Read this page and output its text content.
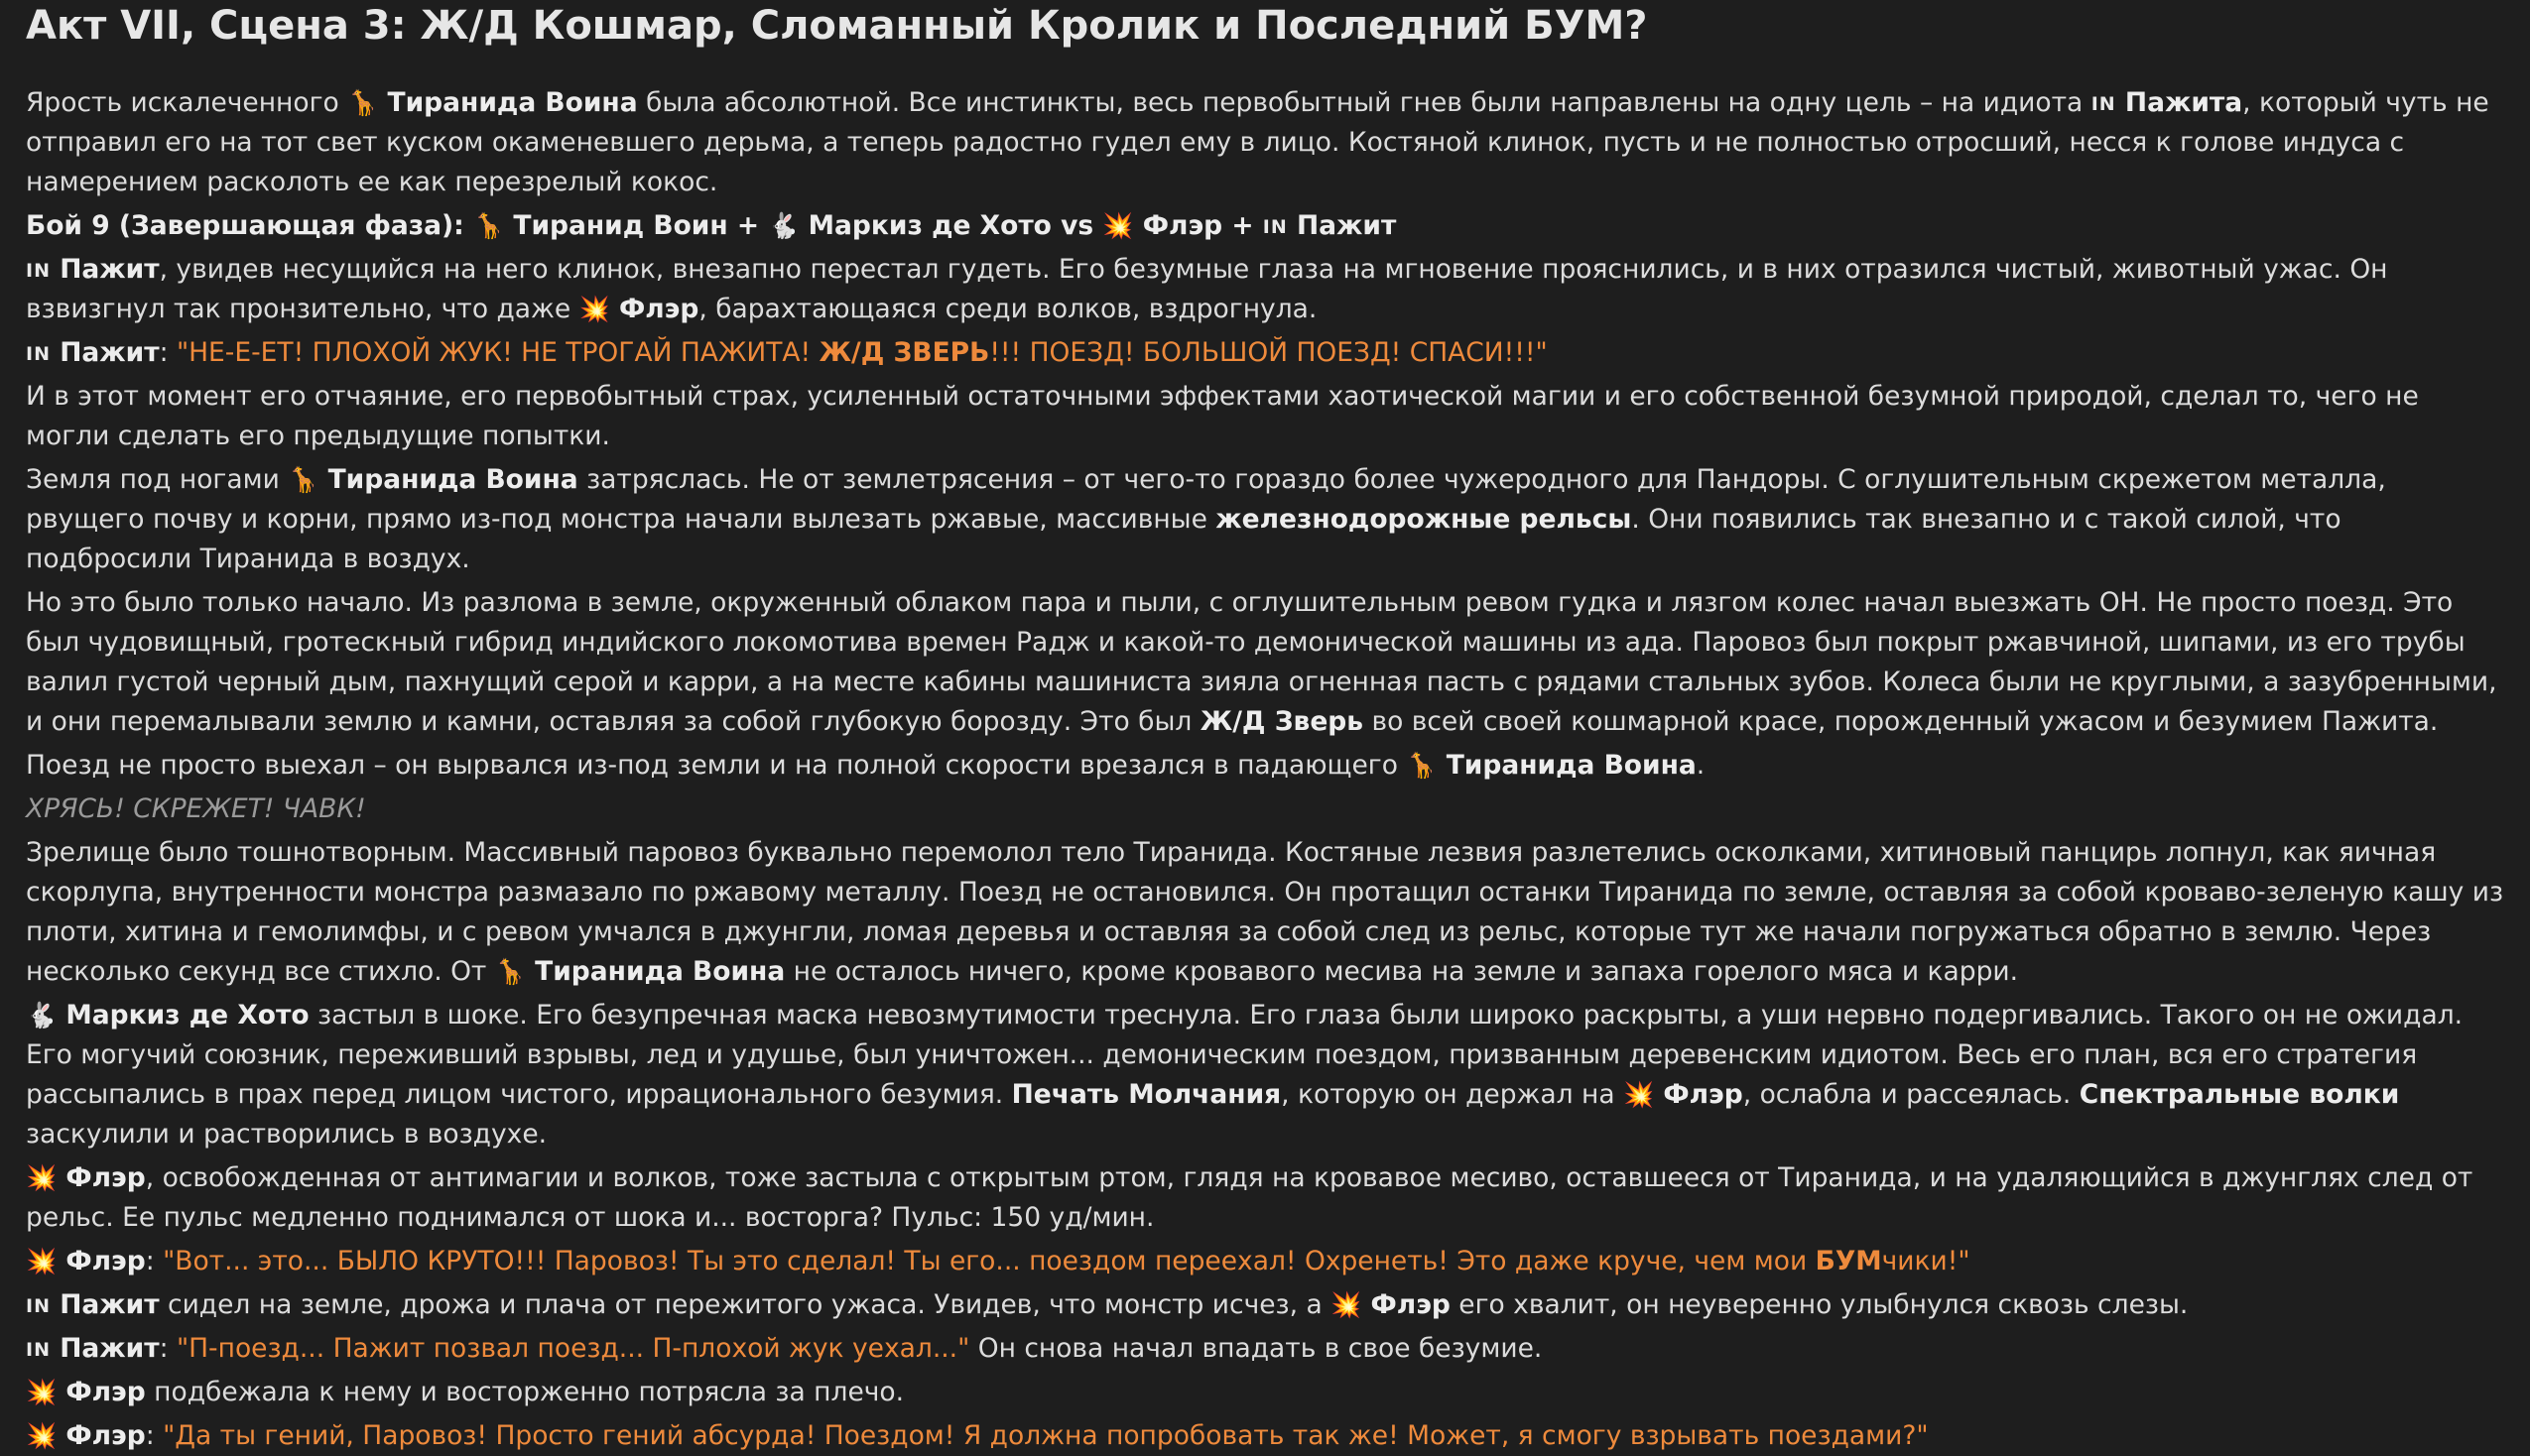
Акт VII, Сцена 3: Ж/Д Кошмар, Сломанный Кролик и Последний БУМ?

Ярость искалеченного 🦒 Тиранида Воина была абсолютной. Все инстинкты, весь первобытный гнев были направлены на одну цель – на идиота IN Пажита, который чуть не отправил его на тот свет куском окаменевшего дерьма, а теперь радостно гудел ему в лицо. Костяной клинок, пусть и не полностью отросший, несся к голове индуса с намерением расколоть ее как перезрелый кокос.

Бой 9 (Завершающая фаза): 🦒 Тиранид Воин + 🐇 Маркиз де Хото vs 💥 Флэр + IN Пажит

IN Пажит, увидев несущийся на него клинок, внезапно перестал гудеть. Его безумные глаза на мгновение прояснились, и в них отразился чистый, животный ужас. Он взвизгнул так пронзительно, что даже 💥 Флэр, барахтающаяся среди волков, вздрогнула.

IN Пажит: "НЕ-Е-ЕТ! ПЛОХОЙ ЖУК! НЕ ТРОГАЙ ПАЖИТА! Ж/Д ЗВЕРЬ!!! ПОЕЗД! БОЛЬШОЙ ПОЕЗД! СПАСИ!!!"

И в этот момент его отчаяние, его первобытный страх, усиленный остаточными эффектами хаотической магии и его собственной безумной природой, сделал то, чего не могли сделать его предыдущие попытки.

Земля под ногами 🦒 Тиранида Воина затряслась. Не от землетрясения – от чего-то гораздо более чужеродного для Пандоры. С оглушительным скрежетом металла, рвущего почву и корни, прямо из-под монстра начали вылезать ржавые, массивные железнодорожные рельсы. Они появились так внезапно и с такой силой, что подбросили Тиранида в воздух.

Но это было только начало. Из разлома в земле, окруженный облаком пара и пыли, с оглушительным ревом гудка и лязгом колес начал выезжать ОН. Не просто поезд. Это был чудовищный, гротескный гибрид индийского локомотива времен Радж и какой-то демонической машины из ада. Паровоз был покрыт ржавчиной, шипами, из его трубы валил густой черный дым, пахнущий серой и карри, а на месте кабины машиниста зияла огненная пасть с рядами стальных зубов. Колеса были не круглыми, а зазубренными, и они перемалывали землю и камни, оставляя за собой глубокую борозду. Это был Ж/Д Зверь во всей своей кошмарной красе, порожденный ужасом и безумием Пажита.

Поезд не просто выехал – он вырвался из-под земли и на полной скорости врезался в падающего 🦒 Тиранида Воина.

ХРЯСЬ! СКРЕЖЕТ! ЧАВК!

Зрелище было тошнотворным. Массивный паровоз буквально перемолол тело Тиранида. Костяные лезвия разлетелись осколками, хитиновый панцирь лопнул, как яичная скорлупа, внутренности монстра размазало по ржавому металлу. Поезд не остановился. Он протащил останки Тиранида по земле, оставляя за собой кроваво-зеленую кашу из плоти, хитина и гемолимфы, и с ревом умчался в джунгли, ломая деревья и оставляя за собой след из рельс, которые тут же начали погружаться обратно в землю. Через несколько секунд все стихло. От 🦒 Тиранида Воина не осталось ничего, кроме кровавого месива на земле и запаха горелого мяса и карри.

🐇 Маркиз де Хото застыл в шоке. Его безупречная маска невозмутимости треснула. Его глаза были широко раскрыты, а уши нервно подергивались. Такого он не ожидал. Его могучий союзник, переживший взрывы, лед и удушье, был уничтожен... демоническим поездом, призванным деревенским идиотом. Весь его план, вся его стратегия рассыпались в прах перед лицом чистого, иррационального безумия. Печать Молчания, которую он держал на 💥 Флэр, ослабла и рассеялась. Спектральные волки заскулили и растворились в воздухе.

💥 Флэр, освобожденная от антимагии и волков, тоже застыла с открытым ртом, глядя на кровавое месиво, оставшееся от Тиранида, и на удаляющийся в джунглях след от рельс. Ее пульс медленно поднимался от шока и... восторга? Пульс: 150 уд/мин.

💥 Флэр: "Вот... это... БЫЛО КРУТО!!! Паровоз! Ты это сделал! Ты его... поездом переехал! Охренеть! Это даже круче, чем мои БУМчики!"

IN Пажит сидел на земле, дрожа и плача от пережитого ужаса. Увидев, что монстр исчез, а 💥 Флэр его хвалит, он неуверенно улыбнулся сквозь слезы.

IN Пажит: "П-поезд... Пажит позвал поезд... П-плохой жук уехал..." Он снова начал впадать в свое безумие.

💥 Флэр подбежала к нему и восторженно потрясла за плечо.

💥 Флэр: "Да ты гений, Паровоз! Просто гений абсурда! Поездом! Я должна попробовать так же! Может, я смогу взрывать поездами?"
